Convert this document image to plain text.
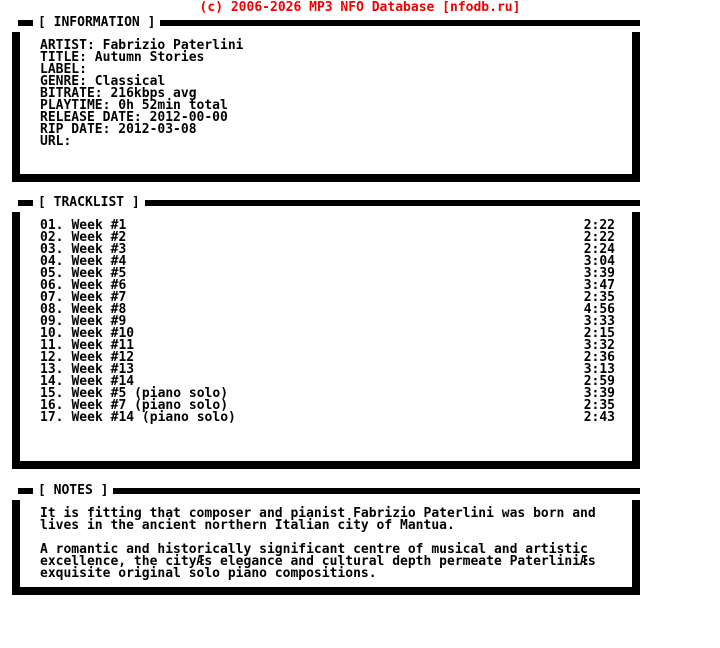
(c) 2006-2026 MP3 NFO Database [nfodb.ru]
[ INFORMATION ]
ARTIST: Fabrizio Paterlini
TITLE: Autumn Stories
LABEL:
GENRE: Classical
BITRATE: 216kbps avg
PLAYTIME: 0h 52min total
RELEASE DATE: 2012-00-00
RIP DATE: 2012-03-08
URL:
[ TRACKLIST ]
01. Week #1	2:22
02. Week #2	2:22
03. Week #3	2:24
04. Week #4	3:04
05. Week #5	3:39
06. Week #6	3:47
07. Week #7	2:35
08. Week #8	4:56
09. Week #9	3:33
10. Week #10	2:15
11. Week #11	3:32
12. Week #12	2:36
13. Week #13	3:13
14. Week #14	2:59
15. Week #5 (piano solo)	3:39
16. Week #7 (piano solo)	2:35
17. Week #14 (piano solo)	2:43
[ NOTES ]
It is fitting that composer and pianist Fabrizio Paterlini was born and
lives in the ancient northern Italian city of Mantua.
A romantic and historically significant centre of musical and artistic
excellence, the cityÆs elegance and cultural depth permeate PaterliniÆs
exquisite original solo piano compositions.
